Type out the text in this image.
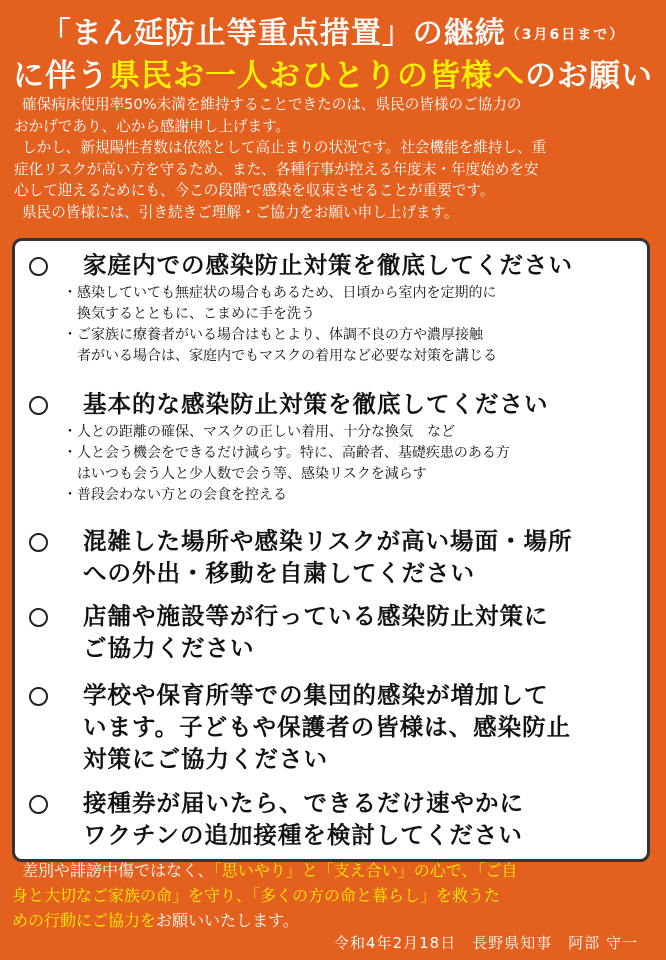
「まん延防止等重点措置」の継続（3月6日まで）
に伴う県民お一人おひとりの皆様へのお願い

確保病床使用率50%未満を維持することできたのは、県民の皆様のご協力の

おかげであり、心から感謝申し上げます。

しかし、新規陽性者数は依然として高止まりの状況です。社会機能を維持し、重

症化リスクが高い方を守るため、また、各種行事が控える年度末・年度始めを安

心して迎えるためにも、今この段階で感染を収束させることが重要です。

県民の皆様には、引き続きご理解・ご協力をお願い申し上げます。

家庭内での感染防止対策を徹底してください
・感染していても無症状の場合もあるため、日頃から室内を定期的に
　換気するとともに、こまめに手を洗う
・ご家族に療養者がいる場合はもとより、体調不良の方や濃厚接触
　者がいる場合は、家庭内でもマスクの着用など必要な対策を講じる
基本的な感染防止対策を徹底してください
・人との距離の確保、マスクの正しい着用、十分な換気　など
・人と会う機会をできるだけ減らす。特に、高齢者、基礎疾患のある方
　はいつも会う人と少人数で会う等、感染リスクを減らす
・普段会わない方との会食を控える
混雑した場所や感染リスクが高い場面・場所
への外出・移動を自粛してください
店舗や施設等が行っている感染防止対策に
ご協力ください
学校や保育所等での集団的感染が増加して
います。子どもや保護者の皆様は、感染防止
対策にご協力ください
接種券が届いたら、できるだけ速やかに
ワクチンの追加接種を検討してください

差別や誹謗中傷ではなく、「思いやり」と「支え合い」の心で、「ご自

身と大切なご家族の命」を守り、「多くの方の命と暮らし」を救うた

めの行動にご協力をお願いいたします。

令和4年2月18日　長野県知事　阿部 守一
